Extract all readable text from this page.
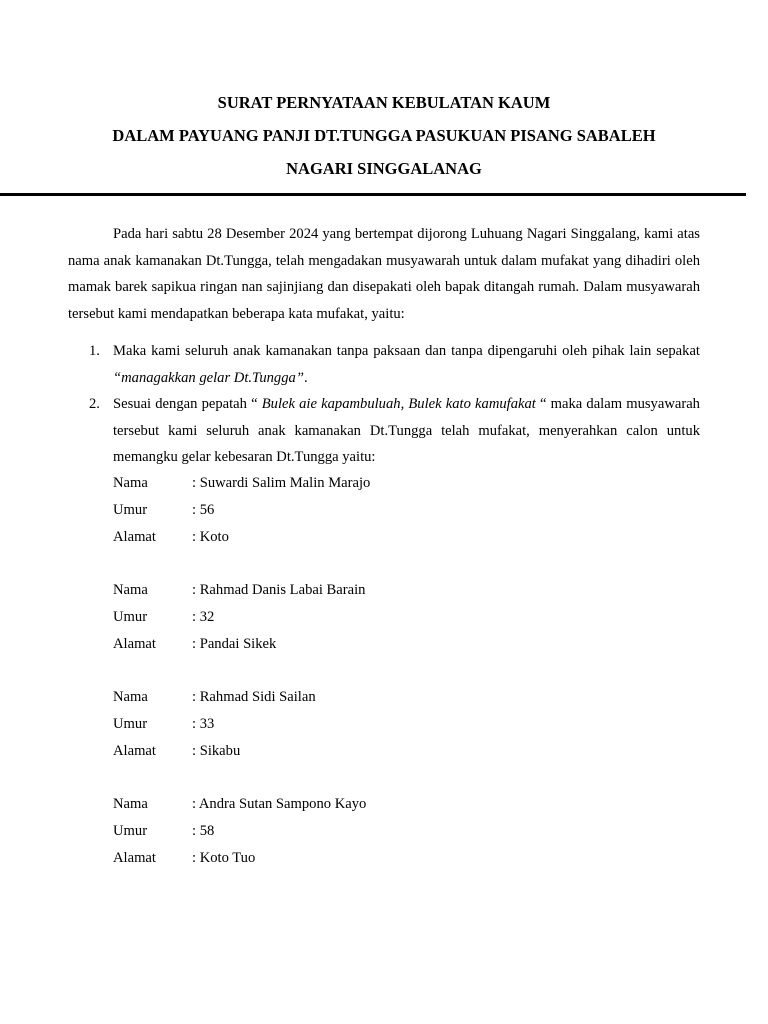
SURAT PERNYATAAN KEBULATAN KAUM
DALAM PAYUANG PANJI DT.TUNGGA PASUKUAN PISANG SABALEH
NAGARI SINGGALANAG

Pada hari sabtu 28 Desember 2024 yang bertempat dijorong Luhuang Nagari Singgalang, kami atas nama anak kamanakan Dt.Tungga, telah mengadakan musyawarah untuk dalam mufakat yang dihadiri oleh mamak barek sapikua ringan nan sajinjiang dan disepakati oleh bapak ditangah rumah. Dalam musyawarah tersebut kami mendapatkan beberapa kata mufakat, yaitu:

1. Maka kami seluruh anak kamanakan tanpa paksaan dan tanpa dipengaruhi oleh pihak lain sepakat “managakkan gelar Dt.Tungga”.
2. Sesuai dengan pepatah “ Bulek aie kapambuluah, Bulek kato kamufakat “ maka dalam musyawarah tersebut kami seluruh anak kamanakan Dt.Tungga telah mufakat, menyerahkan calon untuk memangku gelar kebesaran Dt.Tungga yaitu:
Nama	: Suwardi Salim Malin Marajo
Umur	: 56
Alamat : Koto
Nama	: Rahmad Danis Labai Barain
Umur	: 32
Alamat : Pandai Sikek
Nama	: Rahmad Sidi Sailan
Umur	: 33
Alamat : Sikabu
Nama	: Andra Sutan Sampono Kayo
Umur	: 58
Alamat : Koto Tuo
